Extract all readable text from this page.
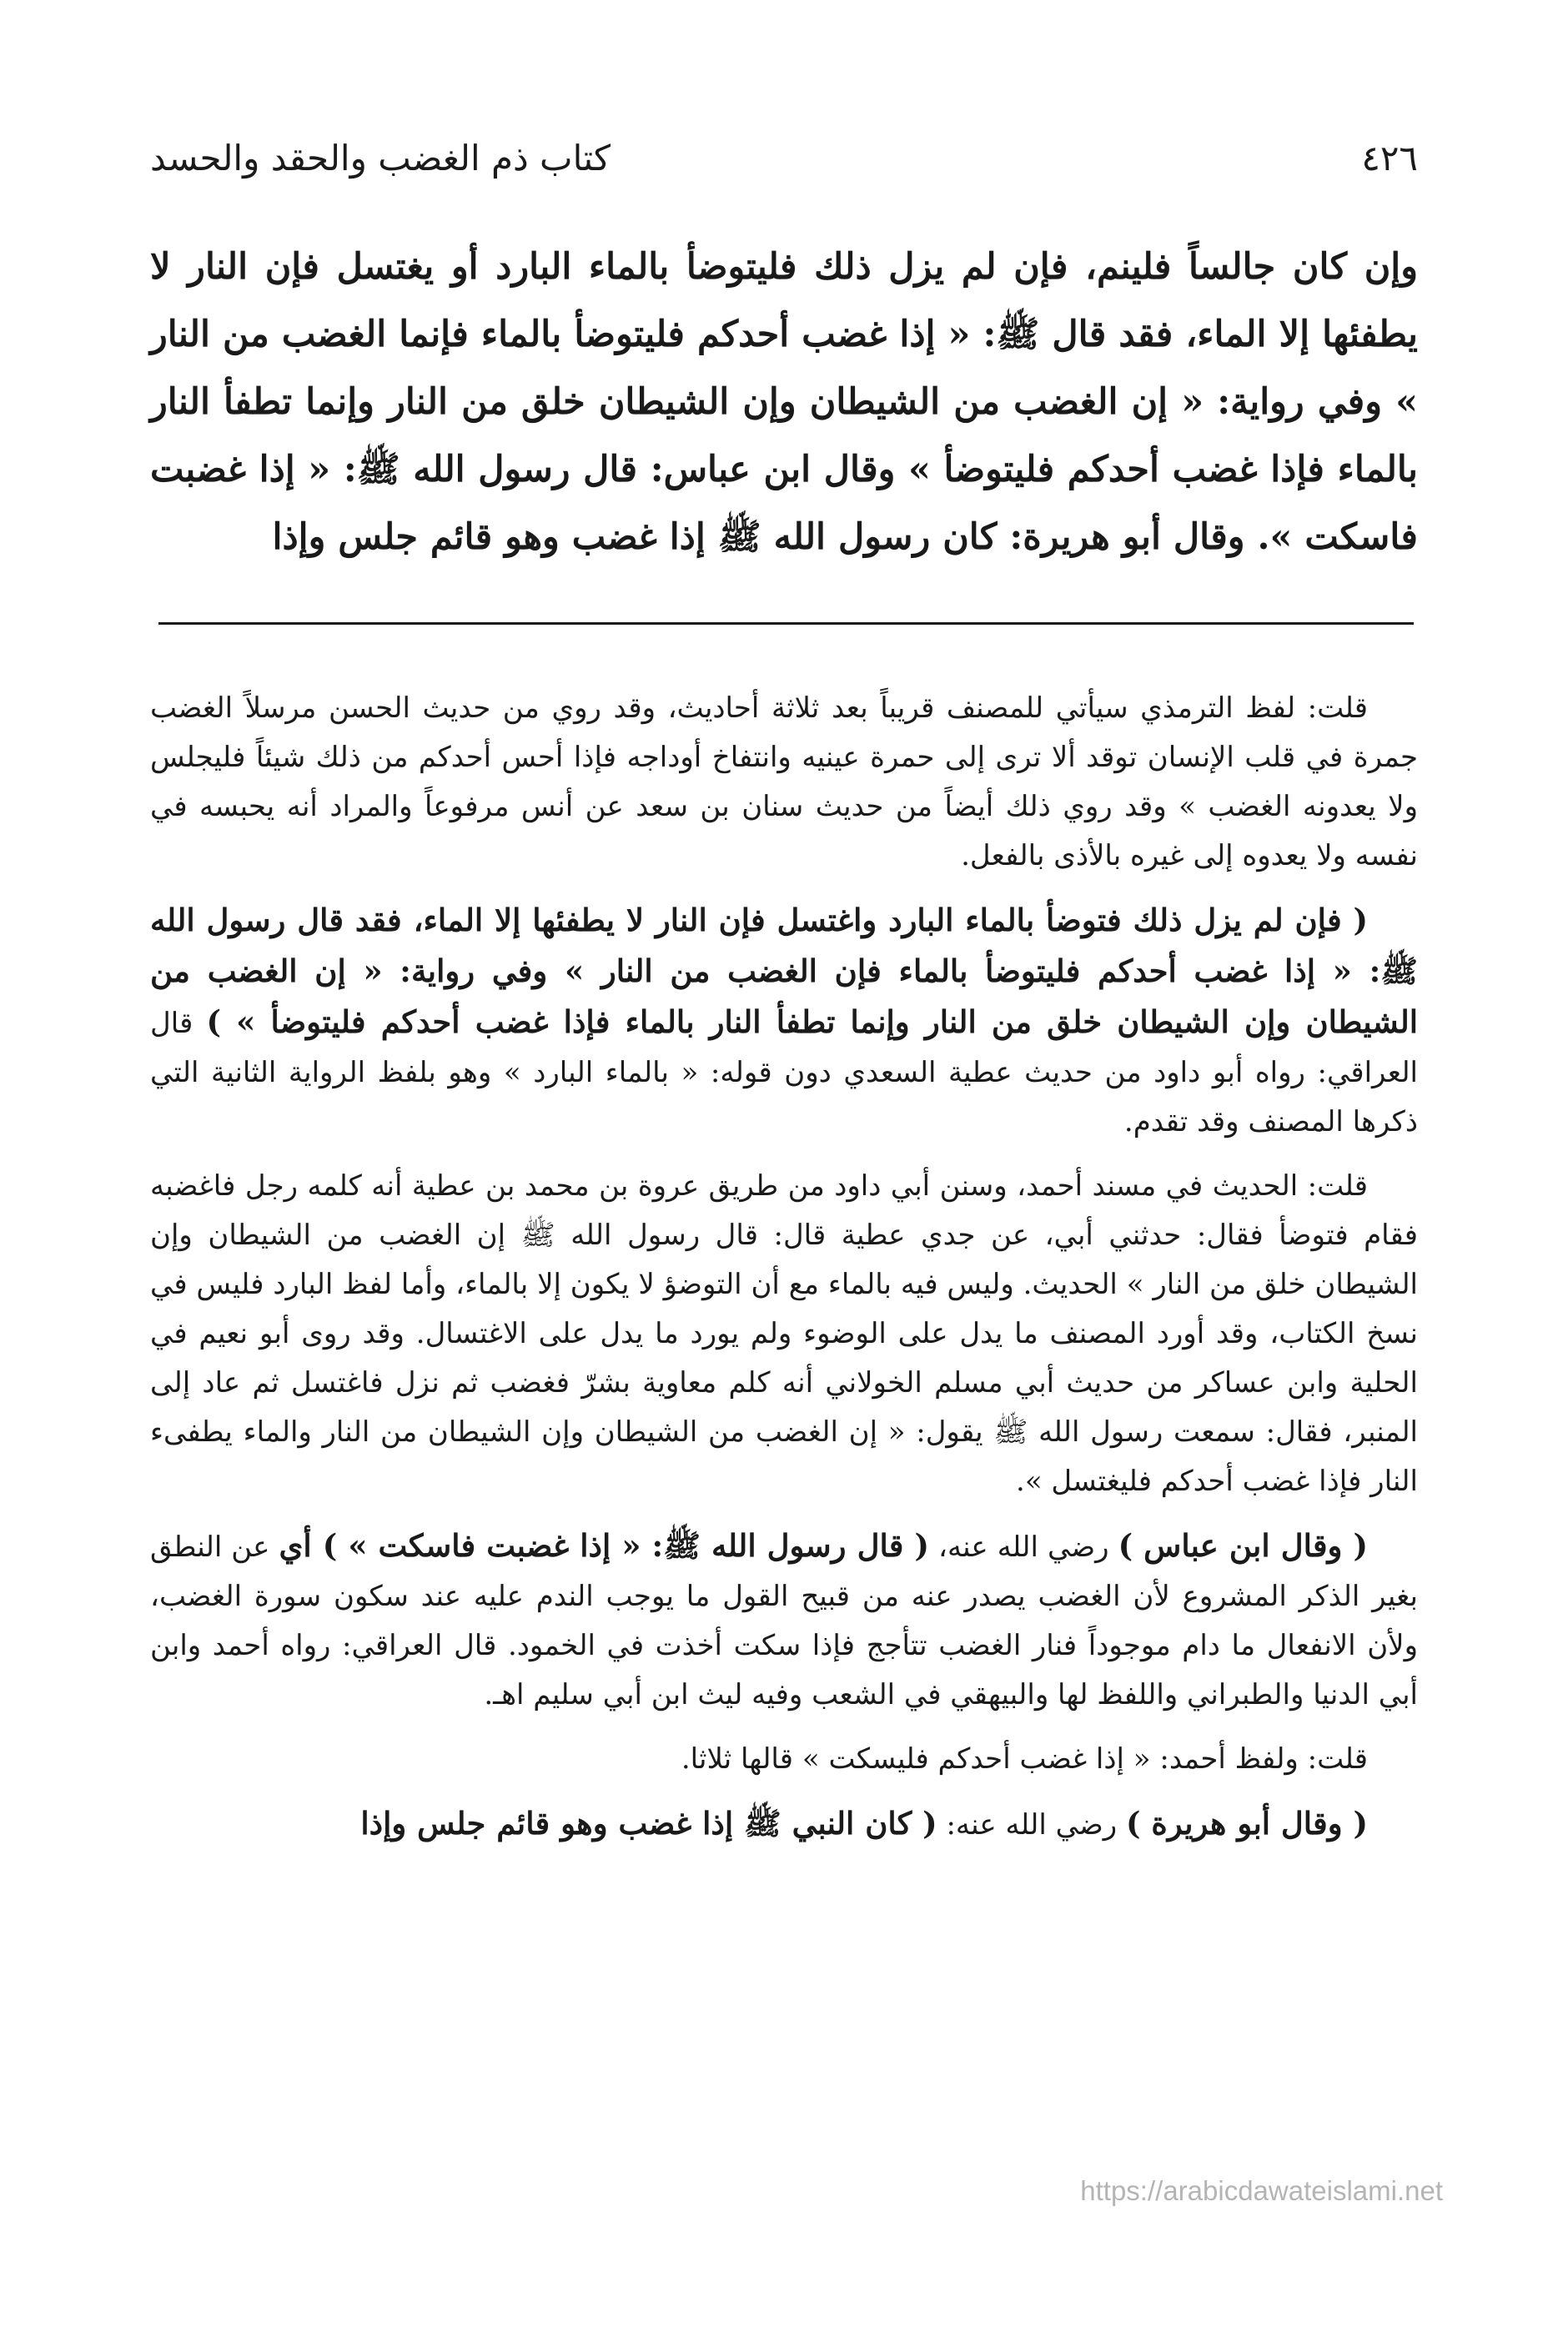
٤٢٦
كتاب ذم الغضب والحقد والحسد
وإن كان جالساً فلينم، فإن لم يزل ذلك فليتوضأ بالماء البارد أو يغتسل فإن النار لا يطفئها إلا الماء، فقد قال ﷺ: « إذا غضب أحدكم فليتوضأ بالماء فإنما الغضب من النار » وفي رواية: « إن الغضب من الشيطان وإن الشيطان خلق من النار وإنما تطفأ النار بالماء فإذا غضب أحدكم فليتوضأ » وقال ابن عباس: قال رسول الله ﷺ: « إذا غضبت فاسكت ». وقال أبو هريرة: كان رسول الله ﷺ إذا غضب وهو قائم جلس وإذا

قلت: لفظ الترمذي سيأتي للمصنف قريباً بعد ثلاثة أحاديث، وقد روي من حديث الحسن مرسلاً الغضب جمرة في قلب الإنسان توقد ألا ترى إلى حمرة عينيه وانتفاخ أوداجه فإذا أحس أحدكم من ذلك شيئاً فليجلس ولا يعدونه الغضب » وقد روي ذلك أيضاً من حديث سنان بن سعد عن أنس مرفوعاً والمراد أنه يحبسه في نفسه ولا يعدوه إلى غيره بالأذى بالفعل.

( فإن لم يزل ذلك فتوضأ بالماء البارد واغتسل فإن النار لا يطفئها إلا الماء، فقد قال رسول الله ﷺ: « إذا غضب أحدكم فليتوضأ بالماء فإن الغضب من النار » وفي رواية: « إن الغضب من الشيطان وإن الشيطان خلق من النار وإنما تطفأ النار بالماء فإذا غضب أحدكم فليتوضأ » ) قال العراقي: رواه أبو داود من حديث عطية السعدي دون قوله: « بالماء البارد » وهو بلفظ الرواية الثانية التي ذكرها المصنف وقد تقدم.

قلت: الحديث في مسند أحمد، وسنن أبي داود من طريق عروة بن محمد بن عطية أنه كلمه رجل فاغضبه فقام فتوضأ فقال: حدثني أبي، عن جدي عطية قال: قال رسول الله ﷺ إن الغضب من الشيطان وإن الشيطان خلق من النار » الحديث. وليس فيه بالماء مع أن التوضؤ لا يكون إلا بالماء، وأما لفظ البارد فليس في نسخ الكتاب، وقد أورد المصنف ما يدل على الوضوء ولم يورد ما يدل على الاغتسال. وقد روى أبو نعيم في الحلية وابن عساكر من حديث أبي مسلم الخولاني أنه كلم معاوية بشرّ فغضب ثم نزل فاغتسل ثم عاد إلى المنبر، فقال: سمعت رسول الله ﷺ يقول: « إن الغضب من الشيطان وإن الشيطان من النار والماء يطفىء النار فإذا غضب أحدكم فليغتسل ».

( وقال ابن عباس ) رضي الله عنه، ( قال رسول الله ﷺ: « إذا غضبت فاسكت » ) أي عن النطق بغير الذكر المشروع لأن الغضب يصدر عنه من قبيح القول ما يوجب الندم عليه عند سكون سورة الغضب، ولأن الانفعال ما دام موجوداً فنار الغضب تتأجج فإذا سكت أخذت في الخمود. قال العراقي: رواه أحمد وابن أبي الدنيا والطبراني واللفظ لها والبيهقي في الشعب وفيه ليث ابن أبي سليم اهـ.

قلت: ولفظ أحمد: « إذا غضب أحدكم فليسكت » قالها ثلاثا.

( وقال أبو هريرة ) رضي الله عنه: ( كان النبي ﷺ إذا غضب وهو قائم جلس وإذا

https://arabicdawateislami.net
